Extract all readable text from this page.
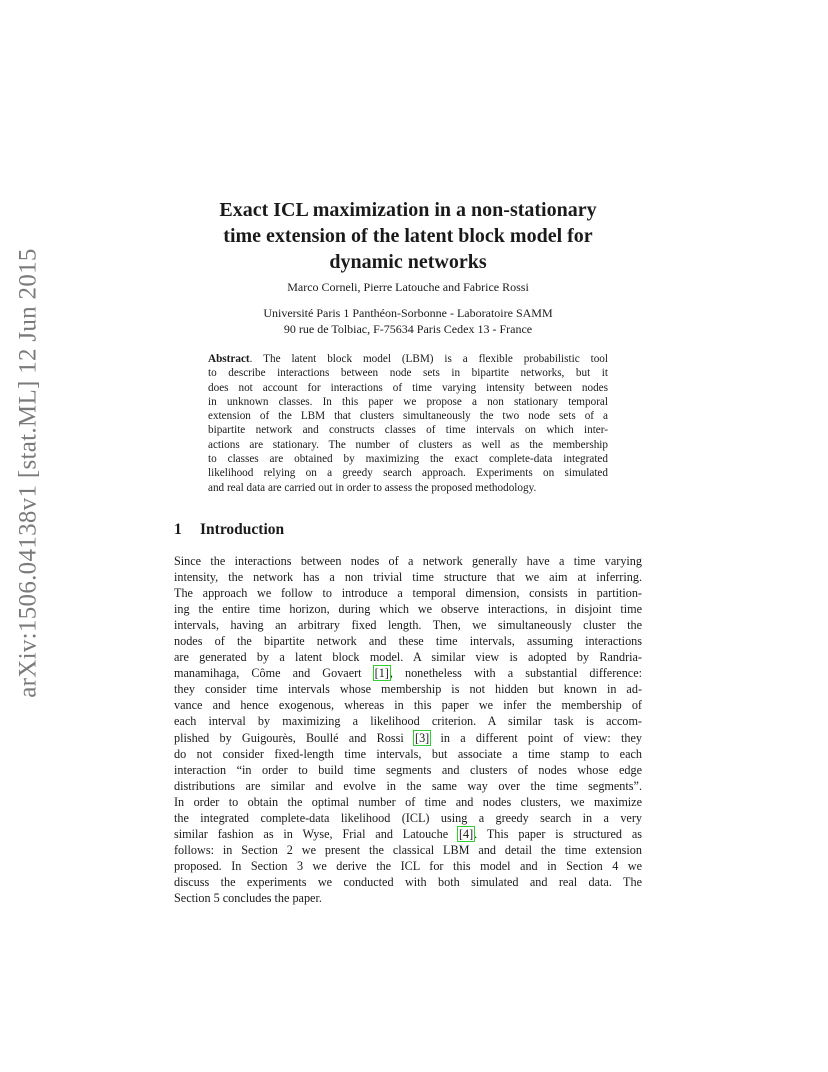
arXiv:1506.04138v1 [stat.ML] 12 Jun 2015
Exact ICL maximization in a non-stationary
time extension of the latent block model for
dynamic networks
Marco Corneli, Pierre Latouche and Fabrice Rossi
Université Paris 1 Panthéon-Sorbonne - Laboratoire SAMM
90 rue de Tolbiac, F-75634 Paris Cedex 13 - France
Abstract. The latent block model (LBM) is a flexible probabilistic tool
to describe interactions between node sets in bipartite networks, but it
does not account for interactions of time varying intensity between nodes
in unknown classes. In this paper we propose a non stationary temporal
extension of the LBM that clusters simultaneously the two node sets of a
bipartite network and constructs classes of time intervals on which inter-
actions are stationary. The number of clusters as well as the membership
to classes are obtained by maximizing the exact complete-data integrated
likelihood relying on a greedy search approach. Experiments on simulated
and real data are carried out in order to assess the proposed methodology.
1 Introduction
Since the interactions between nodes of a network generally have a time varying
intensity, the network has a non trivial time structure that we aim at inferring.
The approach we follow to introduce a temporal dimension, consists in partition-
ing the entire time horizon, during which we observe interactions, in disjoint time
intervals, having an arbitrary fixed length. Then, we simultaneously cluster the
nodes of the bipartite network and these time intervals, assuming interactions
are generated by a latent block model. A similar view is adopted by Randria-
manamihaga, Côme and Govaert [1], nonetheless with a substantial difference:
they consider time intervals whose membership is not hidden but known in ad-
vance and hence exogenous, whereas in this paper we infer the membership of
each interval by maximizing a likelihood criterion. A similar task is accom-
plished by Guigourès, Boullé and Rossi [3] in a different point of view: they
do not consider fixed-length time intervals, but associate a time stamp to each
interaction “in order to build time segments and clusters of nodes whose edge
distributions are similar and evolve in the same way over the time segments”.
In order to obtain the optimal number of time and nodes clusters, we maximize
the integrated complete-data likelihood (ICL) using a greedy search in a very
similar fashion as in Wyse, Frial and Latouche [4]. This paper is structured as
follows: in Section 2 we present the classical LBM and detail the time extension
proposed. In Section 3 we derive the ICL for this model and in Section 4 we
discuss the experiments we conducted with both simulated and real data. The
Section 5 concludes the paper.
